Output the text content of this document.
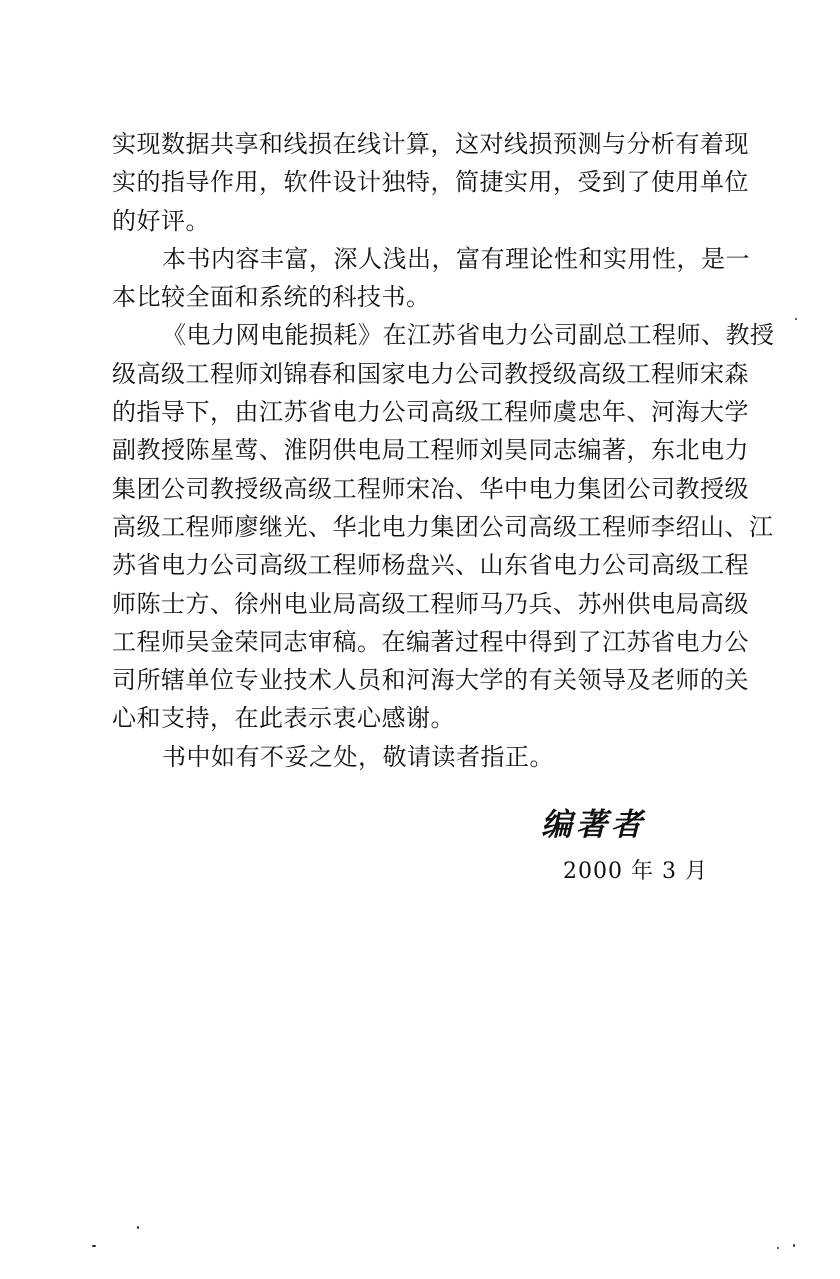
实现数据共享和线损在线计算，这对线损预测与分析有着现
实的指导作用，软件设计独特，简捷实用，受到了使用单位
的好评。
本书内容丰富，深人浅出，富有理论性和实用性，是一
本比较全面和系统的科技书。
《电力网电能损耗》在江苏省电力公司副总工程师、教授
级高级工程师刘锦春和国家电力公司教授级高级工程师宋森
的指导下，由江苏省电力公司高级工程师虞忠年、河海大学
副教授陈星莺、淮阴供电局工程师刘昊同志编著，东北电力
集团公司教授级高级工程师宋冶、华中电力集团公司教授级
高级工程师廖继光、华北电力集团公司高级工程师李绍山、江
苏省电力公司高级工程师杨盘兴、山东省电力公司高级工程
师陈士方、徐州电业局高级工程师马乃兵、苏州供电局高级
工程师吴金荣同志审稿。在编著过程中得到了江苏省电力公
司所辖单位专业技术人员和河海大学的有关领导及老师的关
心和支持，在此表示衷心感谢。
书中如有不妥之处，敬请读者指正。
编著者
2000 年 3 月
